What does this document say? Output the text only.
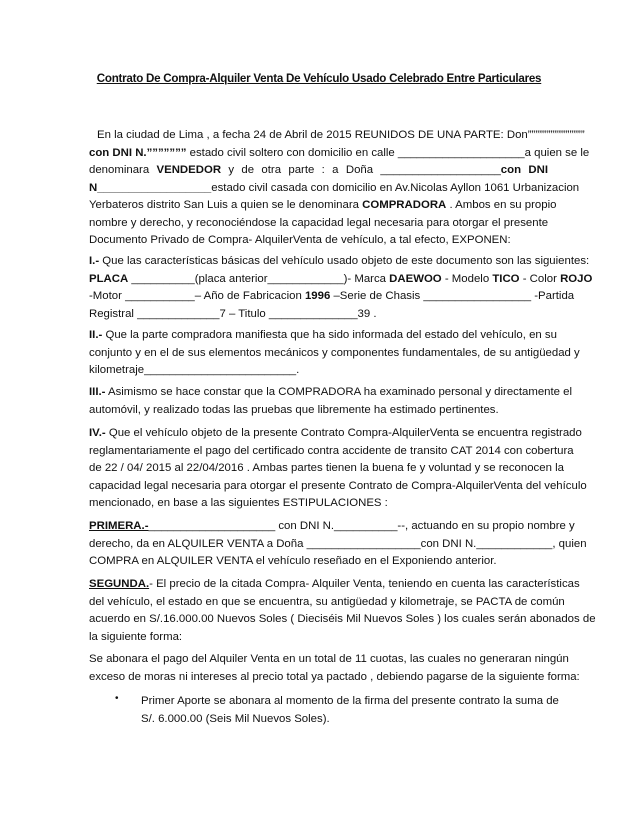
Contrato De Compra-Alquiler Venta De Vehículo Usado Celebrado Entre Particulares
En la ciudad de Lima , a fecha 24 de Abril de 2015 REUNIDOS DE UNA PARTE: Don”””””””””””””””
con DNI N.””””””” estado civil soltero con domicilio en calle ____________________a quien se le
denominara VENDEDOR y de otra parte : a Doña ___________________con DNI
N__________________estado civil casada con domicilio en Av.Nicolas Ayllon 1061 Urbanizacion
Yerbateros distrito San Luis a quien se le denominara COMPRADORA . Ambos en su propio
nombre y derecho, y reconociéndose la capacidad legal necesaria para otorgar el presente
Documento Privado de Compra- AlquilerVenta de vehículo, a tal efecto, EXPONEN:
I.- Que las características básicas del vehículo usado objeto de este documento son las siguientes:
PLACA __________(placa anterior____________)- Marca DAEWOO - Modelo TICO - Color ROJO
-Motor ___________– Año de Fabricacion 1996 –Serie de Chasis _________________ -Partida
Registral _____________7 – Titulo ______________39 .
II.- Que la parte compradora manifiesta que ha sido informada del estado del vehículo, en su
conjunto y en el de sus elementos mecánicos y componentes fundamentales, de su antigüedad y
kilometraje________________________.
III.- Asimismo se hace constar que la COMPRADORA ha examinado personal y directamente el
automóvil, y realizado todas las pruebas que libremente ha estimado pertinentes.
IV.- Que el vehículo objeto de la presente Contrato Compra-AlquilerVenta se encuentra registrado
reglamentariamente el pago del certificado contra accidente de transito CAT 2014 con cobertura
de 22 / 04/ 2015 al 22/04/2016 . Ambas partes tienen la buena fe y voluntad y se reconocen la
capacidad legal necesaria para otorgar el presente Contrato de Compra-AlquilerVenta del vehículo
mencionado, en base a las siguientes ESTIPULACIONES :
PRIMERA.-____________________ con DNI N.__________--, actuando en su propio nombre y
derecho, da en ALQUILER VENTA a Doña __________________con DNI N.____________, quien
COMPRA en ALQUILER VENTA el vehículo reseñado en el Exponiendo anterior.
SEGUNDA.- El precio de la citada Compra- Alquiler Venta, teniendo en cuenta las características
del vehículo, el estado en que se encuentra, su antigüedad y kilometraje, se PACTA de común
acuerdo en S/.16.000.00 Nuevos Soles ( Dieciséis Mil Nuevos Soles ) los cuales serán abonados de
la siguiente forma:
Se abonara el pago del Alquiler Venta en un total de 11 cuotas, las cuales no generaran ningún
exceso de moras ni intereses al precio total ya pactado , debiendo pagarse de la siguiente forma:
• Primer Aporte se abonara al momento de la firma del presente contrato la suma de
S/. 6.000.00 (Seis Mil Nuevos Soles).
